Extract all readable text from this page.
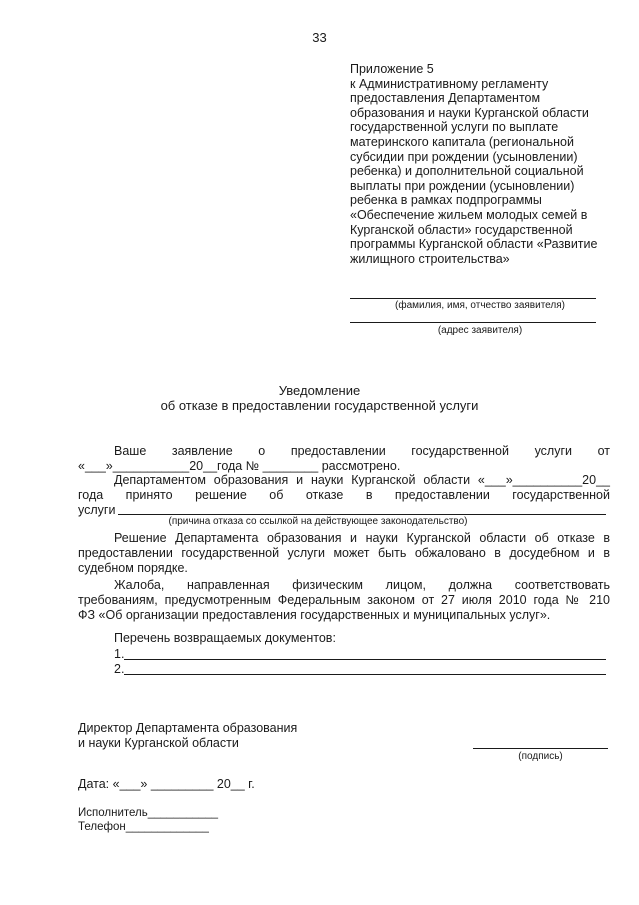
33
Приложение 5
к Административному регламенту
предоставления Департаментом
образования и науки Курганской области
государственной услуги по выплате
материнского капитала (региональной
субсидии при рождении (усыновлении)
ребенка) и дополнительной социальной
выплаты при рождении (усыновлении)
ребенка в рамках подпрограммы
«Обеспечение жильем молодых семей в
Курганской области» государственной
программы Курганской области «Развитие
жилищного строительства»
(фамилия, имя, отчество заявителя)
(адрес заявителя)
Уведомление
об отказе в предоставлении государственной услуги
Ваше заявление о предоставлении государственной услуги от
«___»___________20__года № ________ рассмотрено.
Департаментом образования и науки Курганской области «___»__________20__
года принято решение об отказе в предоставлении государственной
услуги
(причина отказа со ссылкой на действующее законодательство)
Решение Департамента образования и науки Курганской области об отказе в
предоставлении государственной услуги может быть обжаловано в досудебном и в
судебном порядке.
Жалоба, направленная физическим лицом, должна соответствовать
требованиям, предусмотренным Федеральным законом от 27 июля 2010 года № 210
ФЗ «Об организации предоставления государственных и муниципальных услуг».
Перечень возвращаемых документов:
1.
2.
Директор Департамента образования
и науки Курганской области
(подпись)
Дата: «___» _________ 20__ г.
Исполнитель___________
Телефон_____________
